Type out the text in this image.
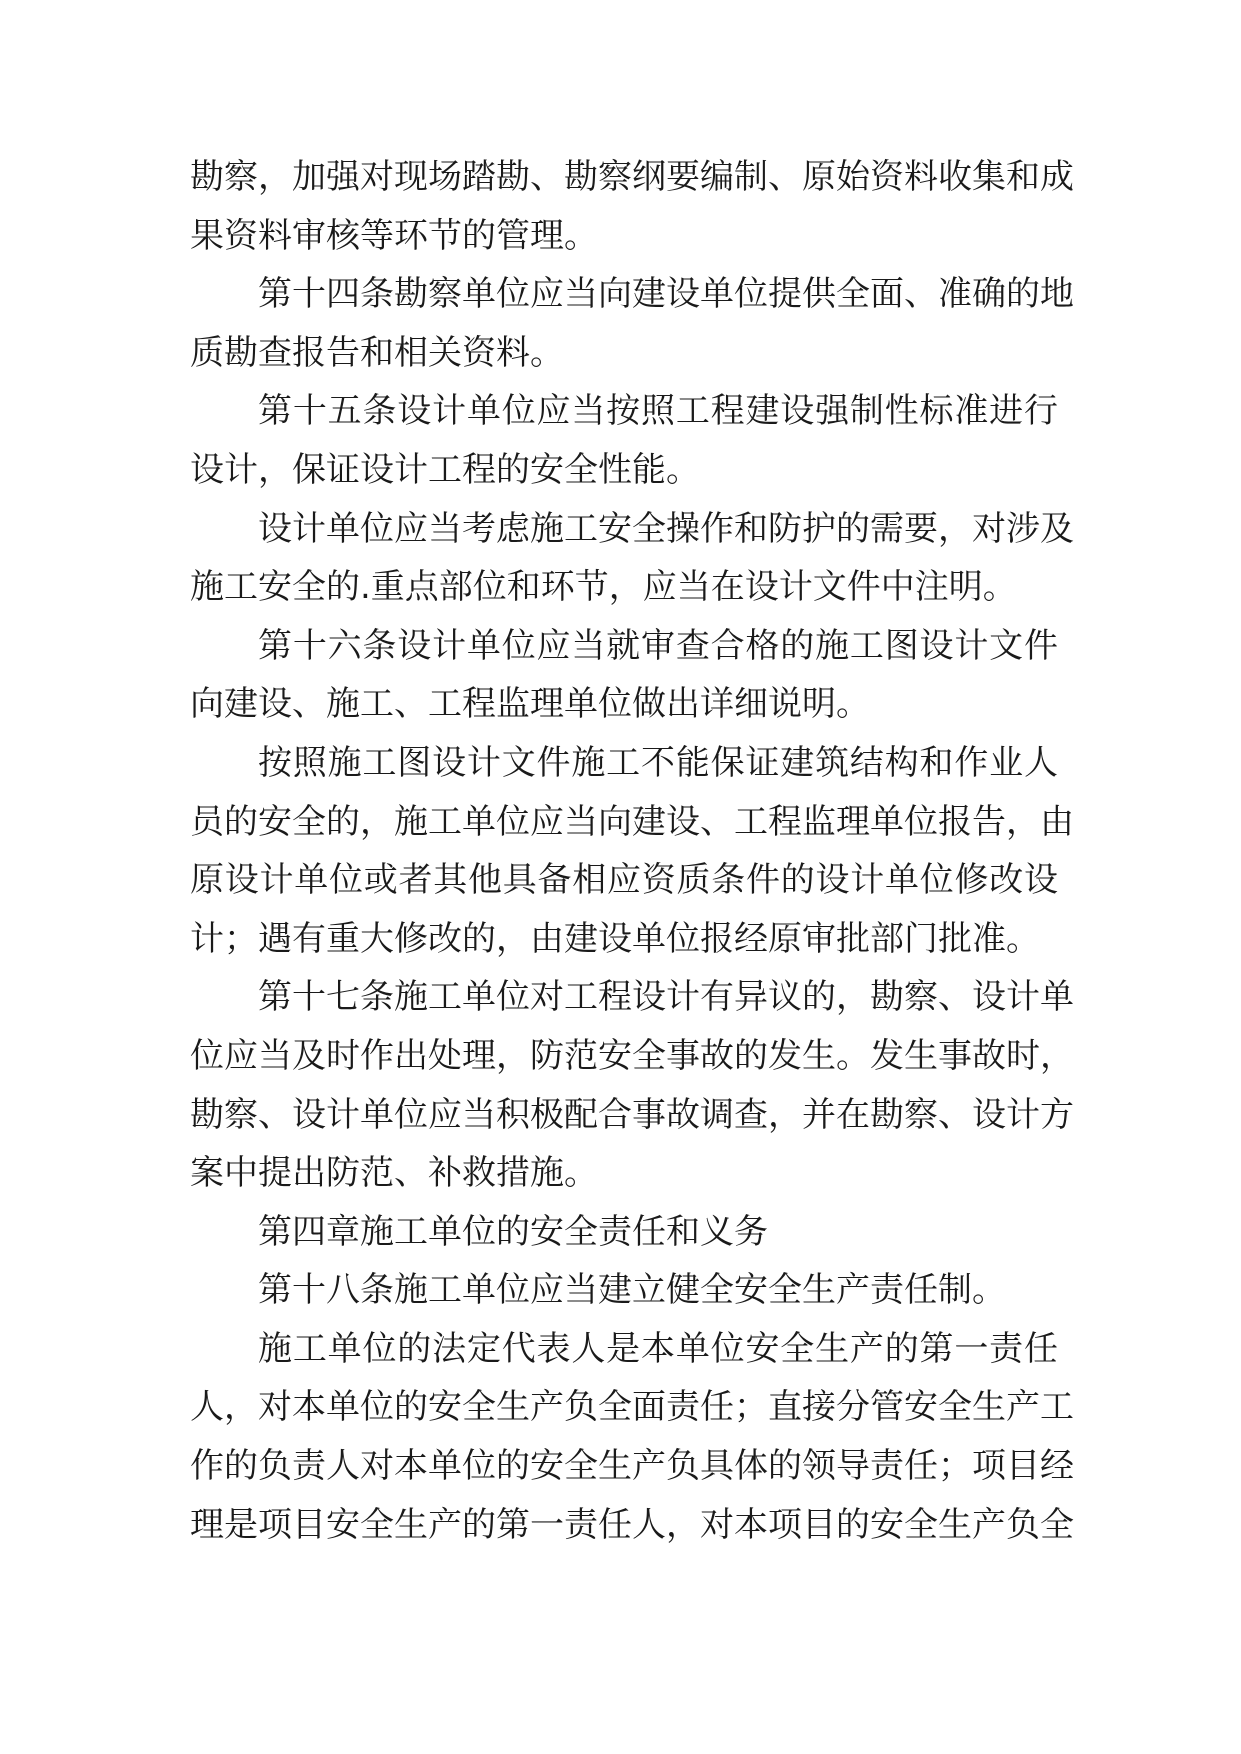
勘察，加强对现场踏勘、勘察纲要编制、原始资料收集和成
果资料审核等环节的管理。
第十四条勘察单位应当向建设单位提供全面、准确的地
质勘查报告和相关资料。
第十五条设计单位应当按照工程建设强制性标准进行
设计，保证设计工程的安全性能。
设计单位应当考虑施工安全操作和防护的需要，对涉及
施工安全的.重点部位和环节，应当在设计文件中注明。
第十六条设计单位应当就审查合格的施工图设计文件
向建设、施工、工程监理单位做出详细说明。
按照施工图设计文件施工不能保证建筑结构和作业人
员的安全的，施工单位应当向建设、工程监理单位报告，由
原设计单位或者其他具备相应资质条件的设计单位修改设
计；遇有重大修改的，由建设单位报经原审批部门批准。
第十七条施工单位对工程设计有异议的，勘察、设计单
位应当及时作出处理，防范安全事故的发生。发生事故时，
勘察、设计单位应当积极配合事故调查，并在勘察、设计方
案中提出防范、补救措施。
第四章施工单位的安全责任和义务
第十八条施工单位应当建立健全安全生产责任制。
施工单位的法定代表人是本单位安全生产的第一责任
人，对本单位的安全生产负全面责任；直接分管安全生产工
作的负责人对本单位的安全生产负具体的领导责任；项目经
理是项目安全生产的第一责任人，对本项目的安全生产负全
